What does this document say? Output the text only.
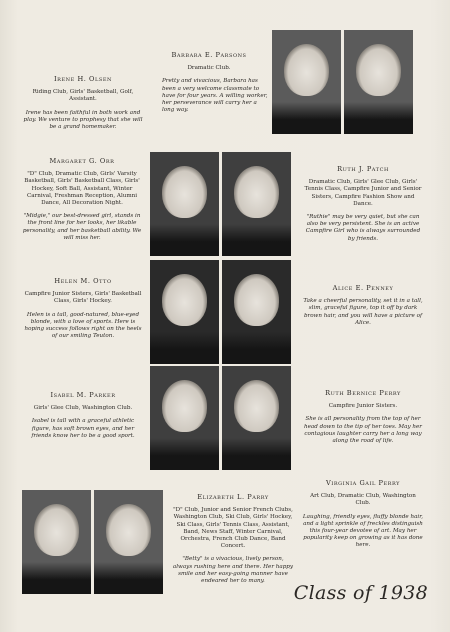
Barbara E. Parsons
Dramatic Club.
Pretty and vivacious, Barbara has been a very welcome classmate to have for four years. A willing worker, her perseverance will carry her a long way.
Irene H. Olsen
Riding Club, Girls' Basketball, Golf, Assistant.
Irene has been faithful in both work and play. We venture to prophesy that she will be a grand homemaker.
Margaret G. Orr
"D" Club, Dramatic Club, Girls' Varsity Basketball, Girls' Basketball Class, Girls' Hockey, Soft Ball, Assistant, Winter Carnival, Freshman Reception, Alumni Dance, All Decoration Night.
"Midgie," our best-dressed girl, stands in the front line for her looks, her likable personality, and her basketball ability. We will miss her.
Ruth J. Patch
Dramatic Club, Girls' Glee Club, Girls' Tennis Class, Campfire Junior and Senior Sisters, Campfire Fashion Show and Dance.
"Ruthie" may be very quiet, but she can also be very persistent. She is an active Campfire Girl who is always surrounded by friends.
Helen M. Otto
Campfire Junior Sisters, Girls' Basketball Class, Girls' Hockey.
Helen is a tall, good-natured, blue-eyed blonde, with a love of sports. Here is hoping success follows right on the heels of our smiling Teuton.
Alice E. Penney
Take a cheerful personality, set it in a tall, slim, graceful figure, top it off by dark brown hair, and you will have a picture of Alice.
Isabel M. Parker
Girls' Glee Club, Washington Club.
Isabel is tall with a graceful athletic figure, has soft brown eyes, and her friends know her to be a good sport.
Ruth Bernice Perry
Campfire Junior Sisters.
She is all personality from the top of her head down to the tip of her toes. May her contagious laughter carry her a long way along the road of life.
Virginia Gail Perry
Art Club, Dramatic Club, Washington Club.
Laughing, friendly eyes, fluffy blonde hair, and a light sprinkle of freckles distinguish this four-year devotee of art. May her popularity keep on growing as it has done here.
Elizabeth L. Parry
"D" Club, Junior and Senior French Clubs, Washington Club, Ski Club, Girls' Hockey, Ski Class, Girls' Tennis Class, Assistant, Band, News Staff, Winter Carnival, Orchestra, French Club Dance, Band Concert.
"Betty" is a vivacious, lively person, always rushing here and there. Her happy smile and her easy-going manner have endeared her to many.
Class of 1938
